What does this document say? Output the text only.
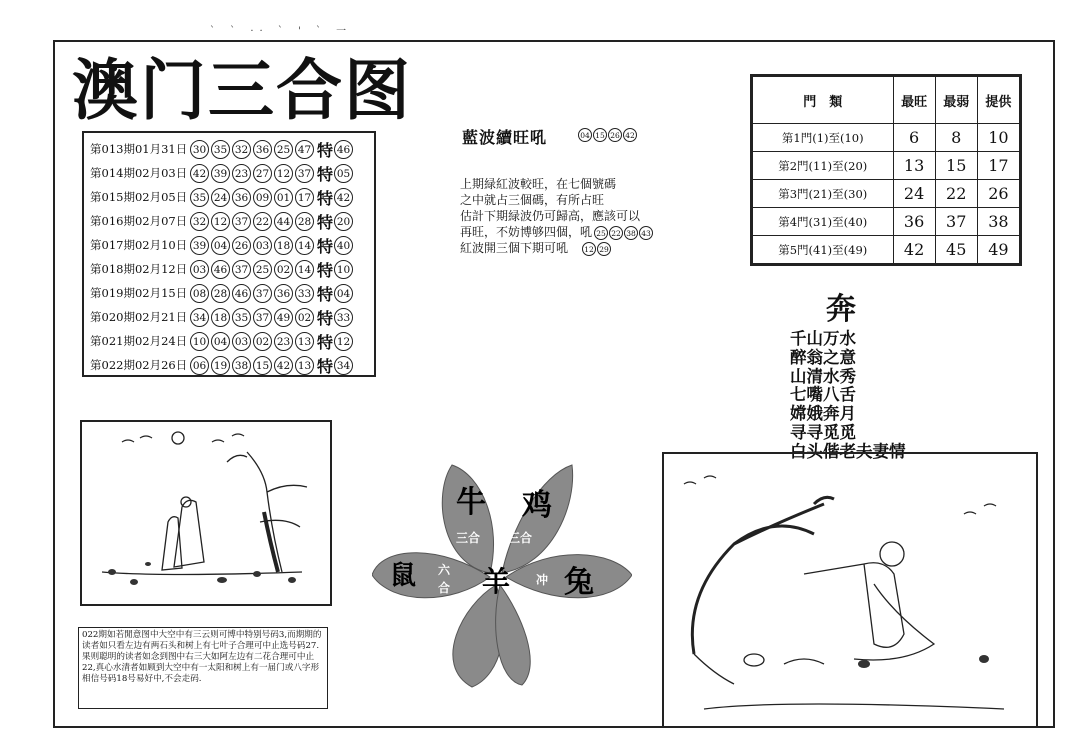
` ` ·· ` ' ` 一
澳门三合图
第013期01月31日 30 35 32 36 25 47 特 46
第014期02月03日 42 39 23 27 12 37 特 05
第015期02月05日 35 24 36 09 01 17 特 42
第016期02月07日 32 12 37 22 44 28 特 20
第017期02月10日 39 04 26 03 18 14 特 40
第018期02月12日 03 46 37 25 02 14 特 10
第019期02月15日 08 28 46 37 36 33 特 04
第020期02月21日 34 18 35 37 49 02 特 33
第021期02月24日 10 04 03 02 23 13 特 12
第022期02月26日 06 19 38 15 42 13 特 34
藍波續旺吼	04 15 26 42
上期緑紅波較旺，在七個號碼
之中就占三個碼，有所占旺
估計下期緑波仍可歸高，應該可以
再旺，不妨博够四個，吼 25 22 38 43
紅波開三個下期可吼　 12 29
門　類	最旺	最弱	提供
第1門(1)至(10)	6	8	10
第2門(11)至(20)	13	15	17
第3門(21)至(30)	24	22	26
第4門(31)至(40)	36	37	38
第5門(41)至(49)	42	45	49
奔
千山万水
醉翁之意
山清水秀
七嘴八舌
嫦娥奔月
寻寻觅觅
白头偕老夫妻情
022期如若閒意图中大空中有三云则可博中特别号码3,而期期的读者如只看左边有两石头和树上有七叶子合理可中止选号码27.果则聪明的读者如念到图中右三大如阿左边有二花合理可中止22,真心水清者如顾到大空中有一太阳和树上有一届门或八字形相信号码18号易好中,不会走码.
牛 鸡
鼠 羊 兔
三合 三合
六
合
冲
